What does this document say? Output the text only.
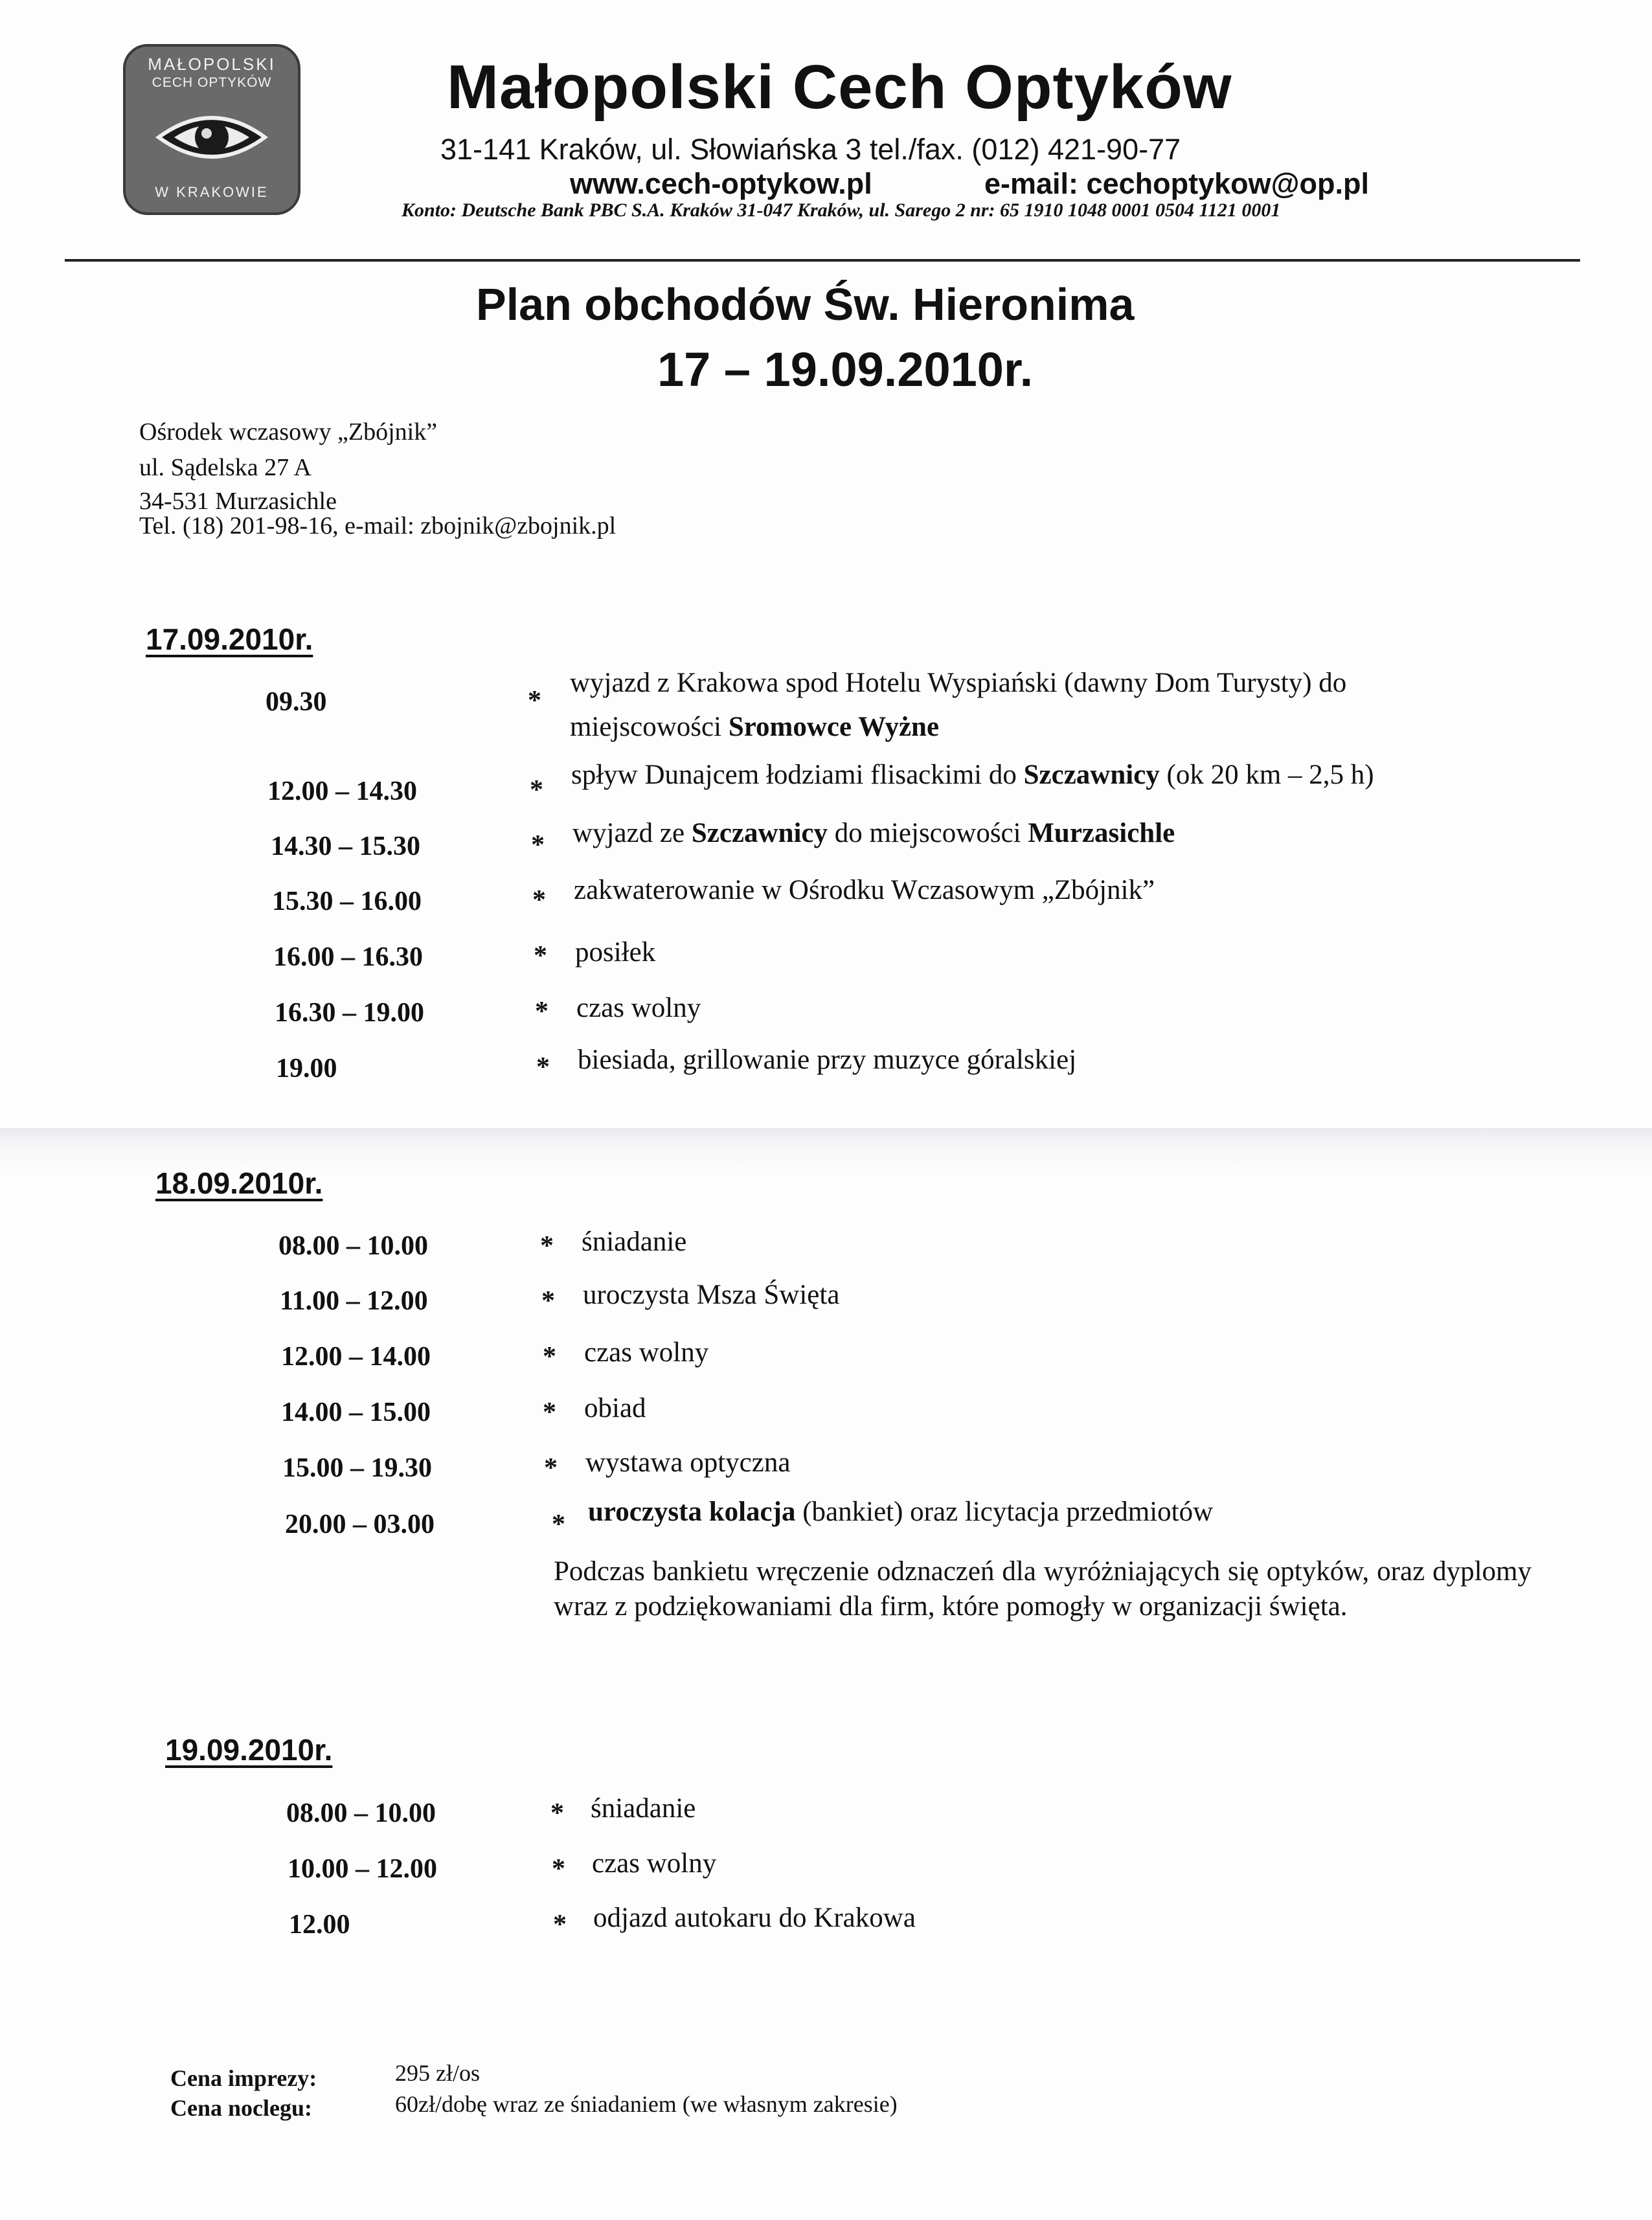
MAŁOPOLSKI
CECH OPTYKÓW
W KRAKOWIE
Małopolski Cech Optyków
31-141 Kraków, ul. Słowiańska 3 tel./fax. (012) 421-90-77
www.cech-optykow.pl	e-mail: cechoptykow@op.pl
Konto: Deutsche Bank PBC S.A. Kraków 31-047 Kraków, ul. Sarego 2 nr: 65 1910 1048 0001 0504 1121 0001
Plan obchodów Św. Hieronima
17 – 19.09.2010r.
Ośrodek wczasowy „Zbójnik”
ul. Sądelska 27 A
34-531 Murzasichle
Tel. (18) 201-98-16, e-mail: zbojnik@zbojnik.pl
17.09.2010r.
09.30	*
wyjazd z Krakowa spod Hotelu Wyspiański (dawny Dom Turysty) do
miejscowości Sromowce Wyżne
12.00 – 14.30	* spływ Dunajcem łodziami flisackimi do Szczawnicy (ok 20 km – 2,5 h)
14.30 – 15.30	* wyjazd ze Szczawnicy do miejscowości Murzasichle
15.30 – 16.00	* zakwaterowanie w Ośrodku Wczasowym „Zbójnik”
16.00 – 16.30	* posiłek
16.30 – 19.00	* czas wolny
19.00	* biesiada, grillowanie przy muzyce góralskiej
18.09.2010r.
08.00 – 10.00	* śniadanie
11.00 – 12.00	* uroczysta Msza Święta
12.00 – 14.00	* czas wolny
14.00 – 15.00	* obiad
15.00 – 19.30	* wystawa optyczna
20.00 – 03.00	* uroczysta kolacja (bankiet) oraz licytacja przedmiotów
Podczas bankietu wręczenie odznaczeń dla wyróżniających się optyków, oraz dyplomy wraz z podziękowaniami dla firm, które pomogły w organizacji święta.
19.09.2010r.
08.00 – 10.00	* śniadanie
10.00 – 12.00	* czas wolny
12.00	* odjazd autokaru do Krakowa
Cena imprezy:	295 zł/os
Cena noclegu:	60zł/dobę wraz ze śniadaniem (we własnym zakresie)
